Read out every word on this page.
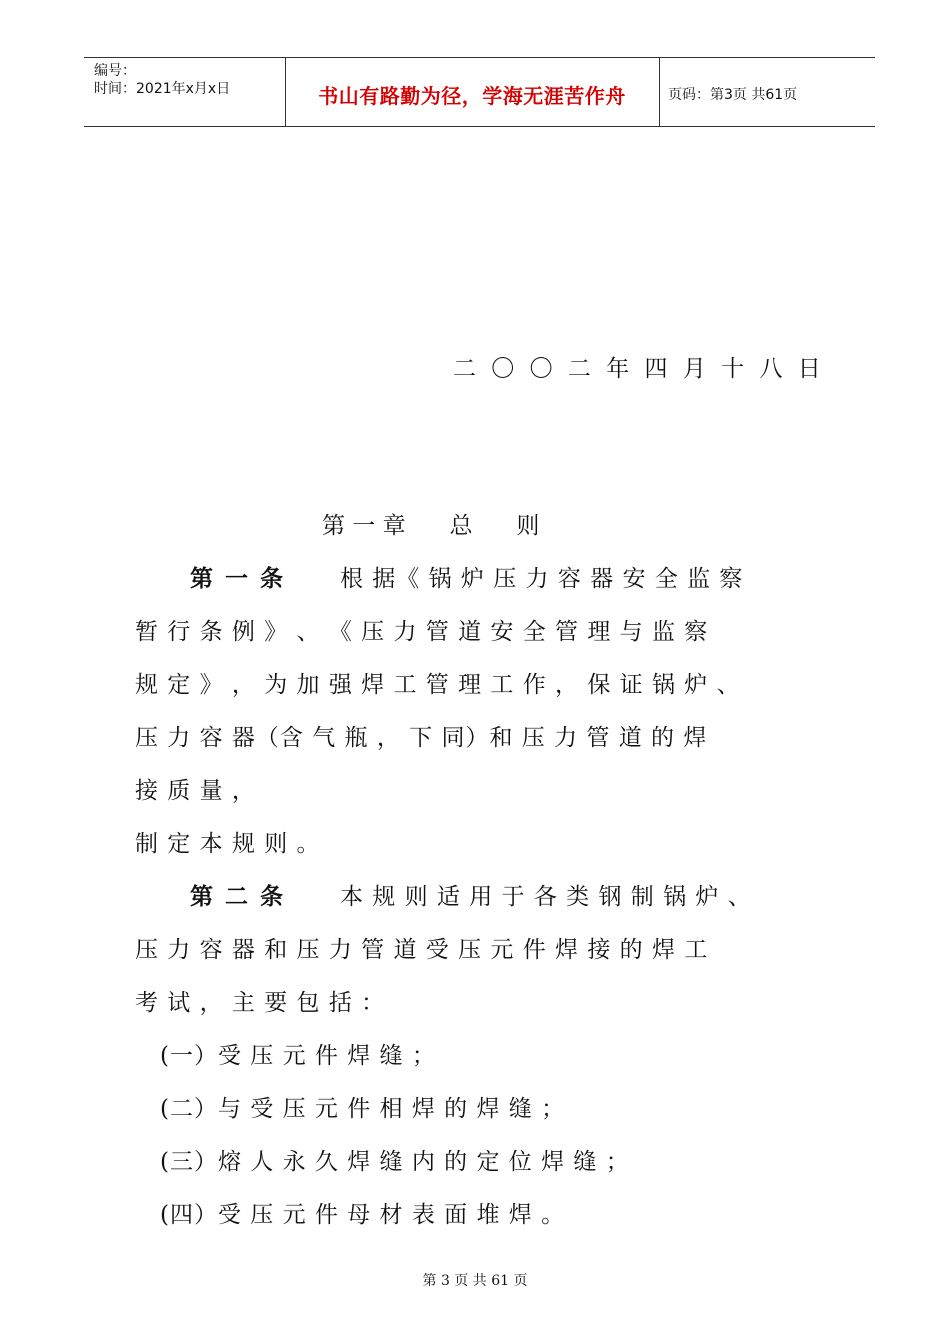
编号：
时间：2021年x月x日	书山有路勤为径，学海无涯苦作舟	页码：第3页 共61页
二 〇 〇 二 年 四 月 十 八 日
第 一 章      总      则
第 一 条 根 据《 锅 炉 压 力 容 器 安 全 监 察
暂 行 条 例 》 、 《 压 力 管 道 安 全 管 理 与 监 察
规 定 》 ， 为 加 强 焊 工 管 理 工 作 ， 保 证 锅 炉 、
压 力 容 器（含 气 瓶 ， 下 同）和 压 力 管 道 的 焊
接 质 量 ，
制 定 本 规 则 。
第 二 条 本 规 则 适 用 于 各 类 钢 制 锅 炉 、
压 力 容 器 和 压 力 管 道 受 压 元 件 焊 接 的 焊 工
考 试 ， 主 要 包 括 ：
(一）受 压 元 件 焊 缝 ；
(二）与 受 压 元 件 相 焊 的 焊 缝 ；
(三）熔 人 永 久 焊 缝 内 的 定 位 焊 缝 ；
(四）受 压 元 件 母 材 表 面 堆 焊 。
第 3 页 共 61 页
